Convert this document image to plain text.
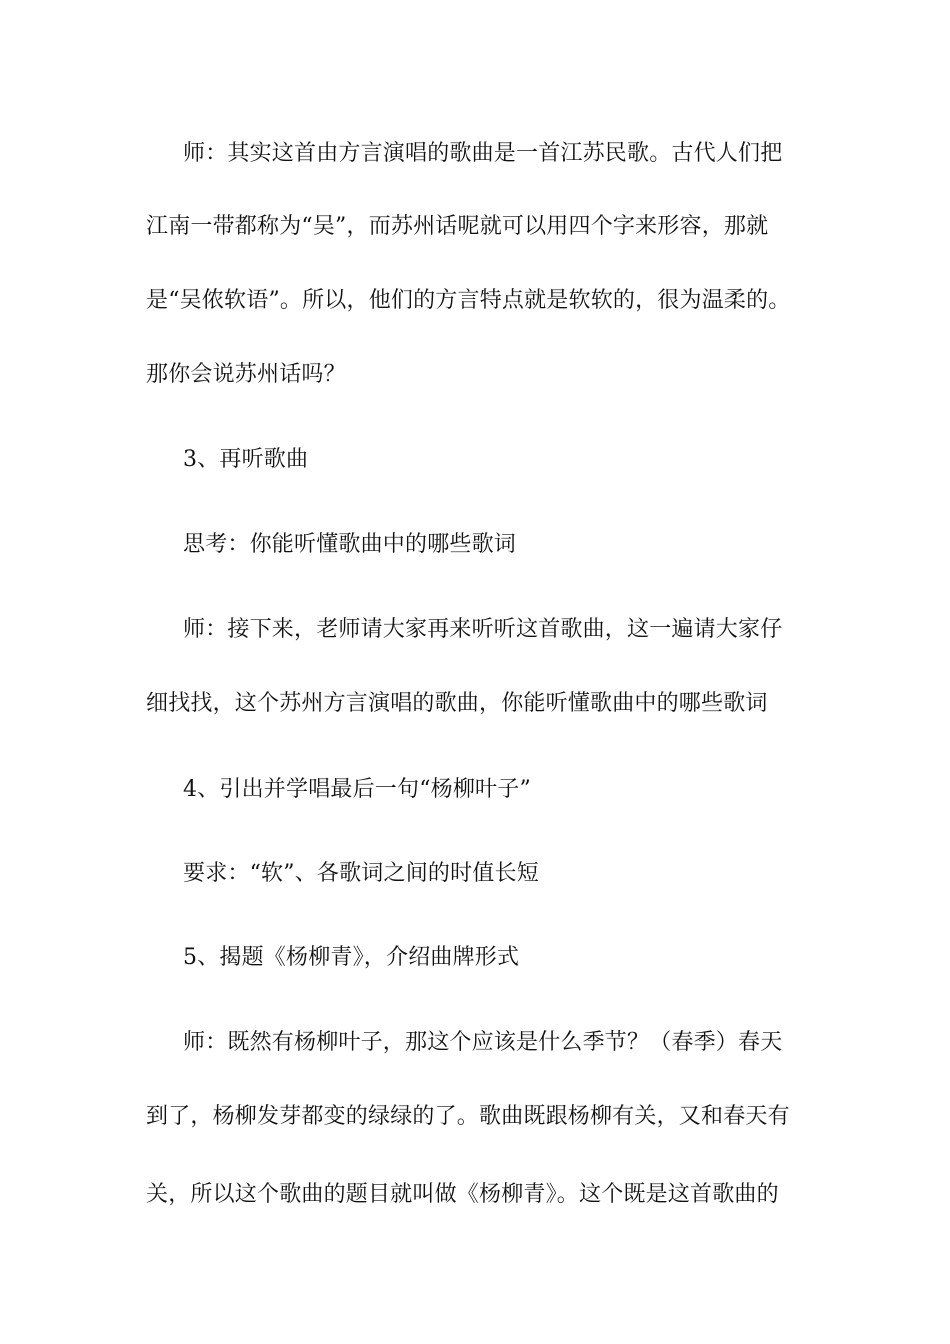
师：其实这首由方言演唱的歌曲是一首江苏民歌。古代人们把
江南一带都称为“吴”，而苏州话呢就可以用四个字来形容，那就
是“吴侬软语”。所以，他们的方言特点就是软软的，很为温柔的。
那你会说苏州话吗？
3、再听歌曲
思考：你能听懂歌曲中的哪些歌词
师：接下来，老师请大家再来听听这首歌曲，这一遍请大家仔
细找找，这个苏州方言演唱的歌曲，你能听懂歌曲中的哪些歌词
4、引出并学唱最后一句“杨柳叶子”
要求：“软”、各歌词之间的时值长短
5、揭题《杨柳青》，介绍曲牌形式
师：既然有杨柳叶子，那这个应该是什么季节？（春季）春天
到了，杨柳发芽都变的绿绿的了。歌曲既跟杨柳有关，又和春天有
关，所以这个歌曲的题目就叫做《杨柳青》。这个既是这首歌曲的
